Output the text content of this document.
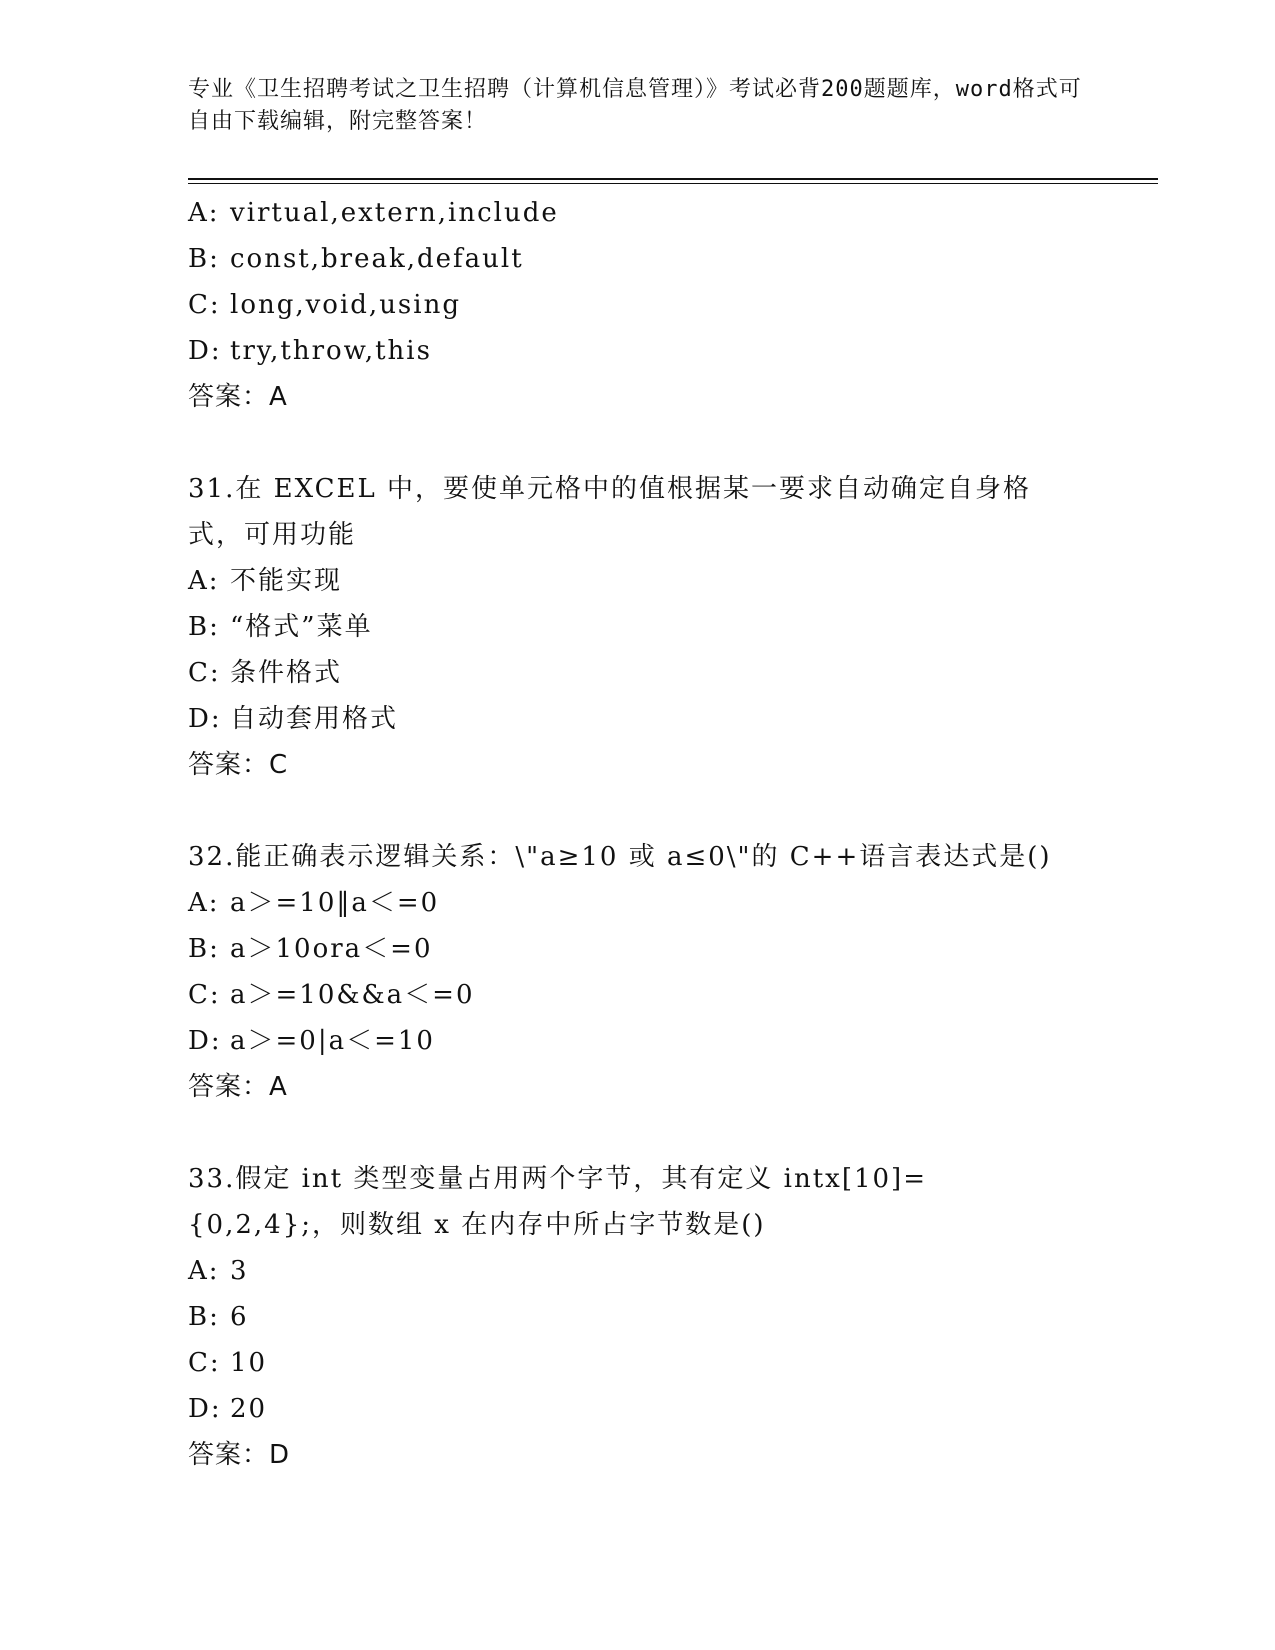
专业《卫生招聘考试之卫生招聘（计算机信息管理）》考试必背200题题库，word格式可自由下载编辑，附完整答案！
A: virtual,extern,include
B: const,break,default
C: long,void,using
D: try,throw,this
答案：A
31.在 EXCEL 中，要使单元格中的值根据某一要求自动确定自身格式，可用功能
A: 不能实现
B: “格式”菜单
C: 条件格式
D: 自动套用格式
答案：C
32.能正确表示逻辑关系：\"a≥10 或 a≤0\"的 C++语言表达式是()
A: a＞=10‖a＜=0
B: a＞10ora＜=0
C: a＞=10&&a＜=0
D: a＞=0|a＜=10
答案：A
33.假定 int 类型变量占用两个字节，其有定义 intx[10]={0,2,4};，则数组 x 在内存中所占字节数是()
A: 3
B: 6
C: 10
D: 20
答案：D
